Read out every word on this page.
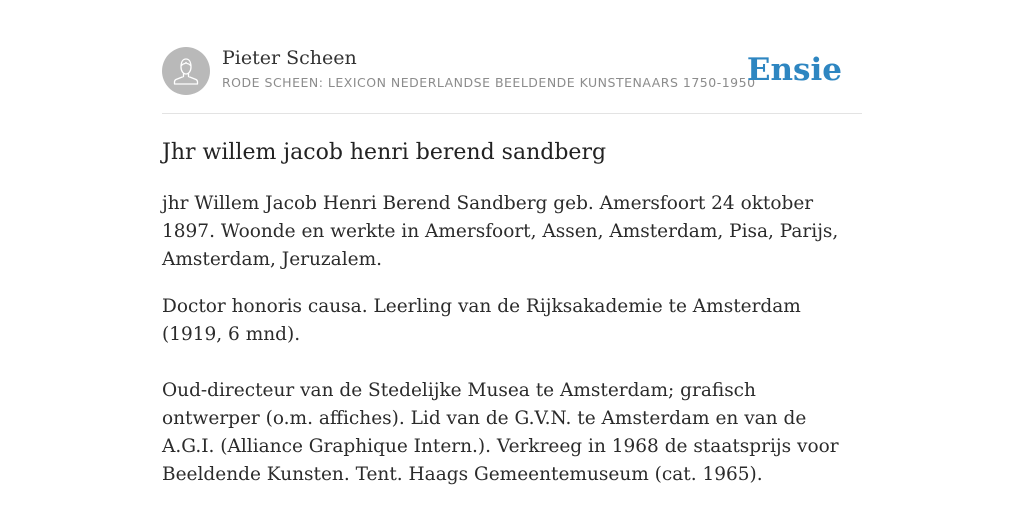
Pieter Scheen
RODE SCHEEN: LEXICON NEDERLANDSE BEELDENDE KUNSTENAARS 1750-1950
Ensie
Jhr willem jacob henri berend sandberg

jhr Willem Jacob Henri Berend Sandberg geb. Amersfoort 24 oktober 1897. Woonde en werkte in Amersfoort, Assen, Amsterdam, Pisa, Parijs, Amsterdam, Jeruzalem.

Doctor honoris causa. Leerling van de Rijksakademie te Amsterdam (1919, 6 mnd).

Oud-directeur van de Stedelijke Musea te Amsterdam; grafisch ontwerper (o.m. affiches). Lid van de G.V.N. te Amsterdam en van de A.G.I. (Alliance Graphique Intern.). Verkreeg in 1968 de staatsprijs voor Beeldende Kunsten. Tent. Haags Gemeentemuseum (cat. 1965).
